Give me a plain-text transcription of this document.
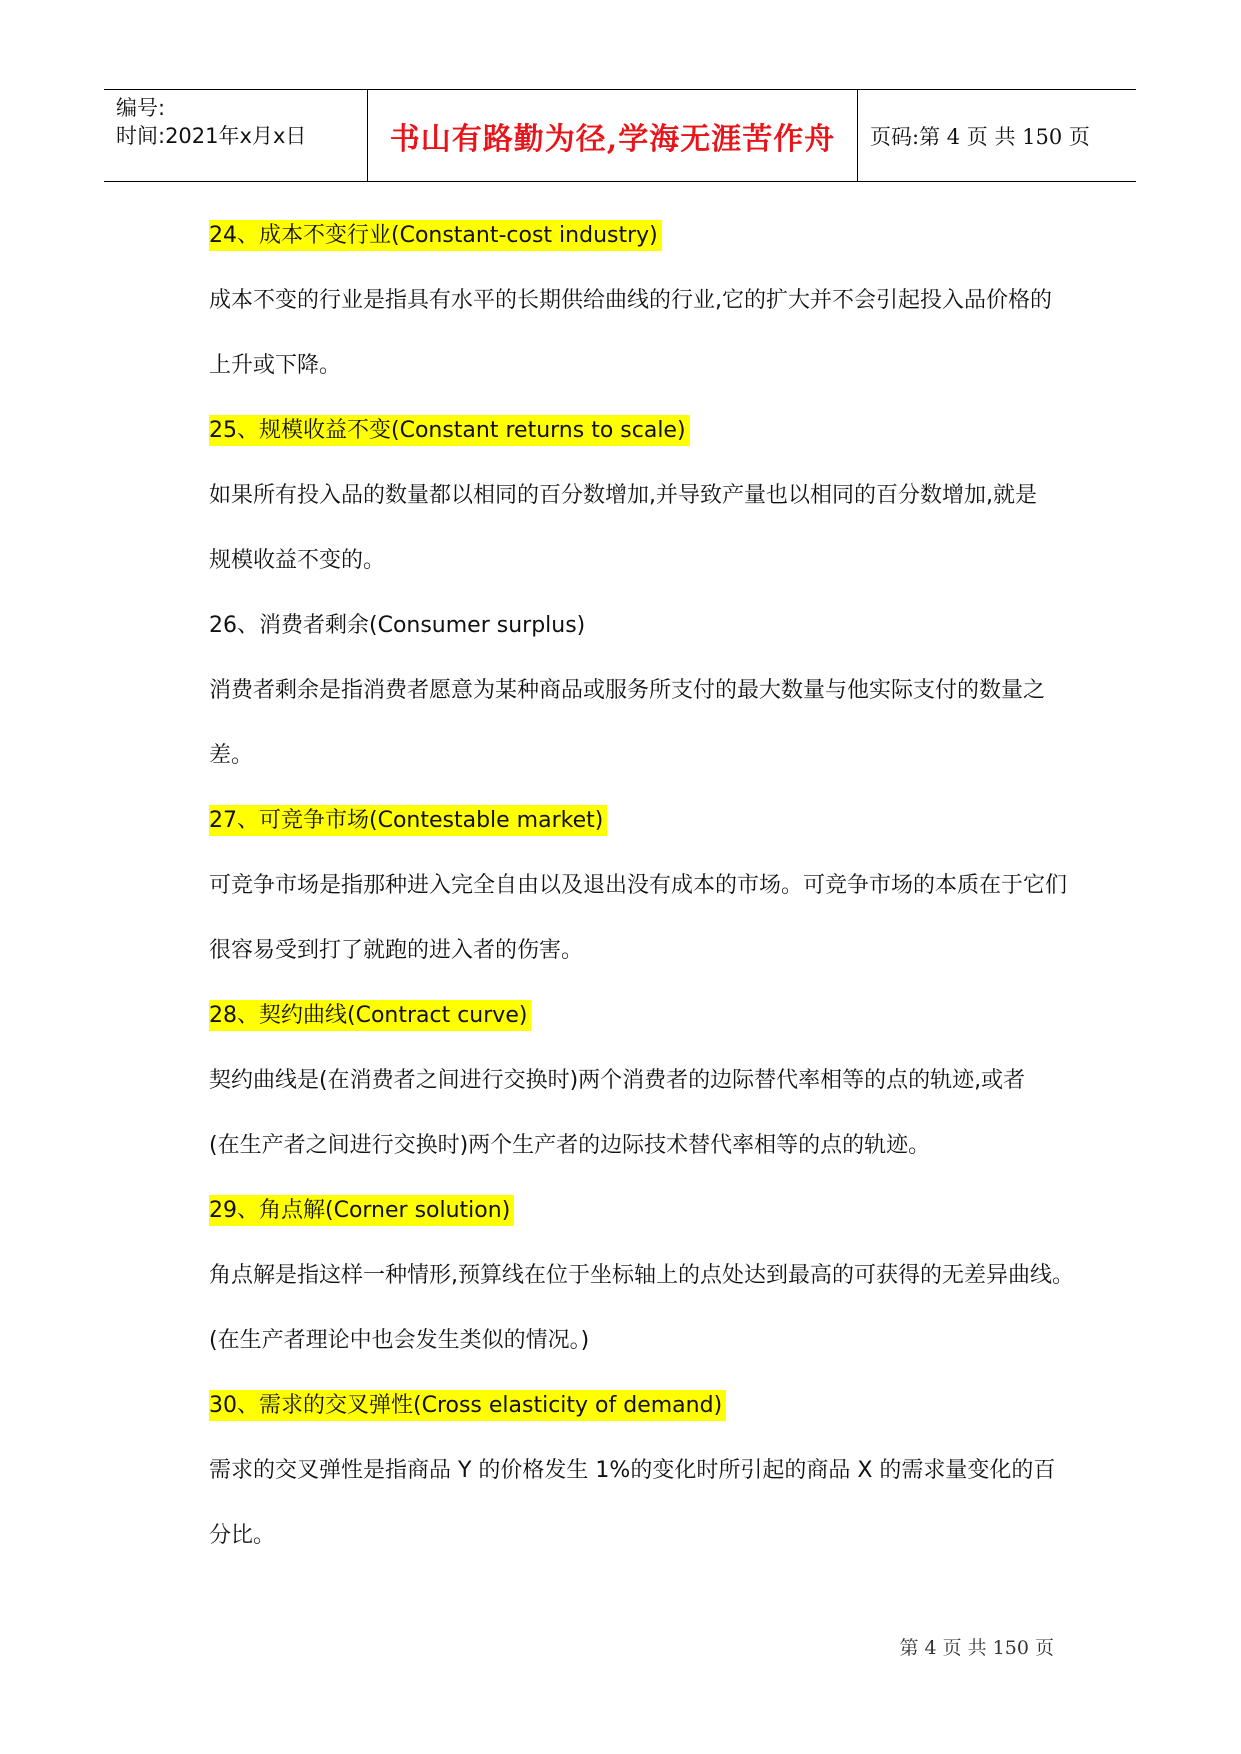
编号:
时间:2021年x月x日	书山有路勤为径,学海无涯苦作舟 页码:第 4 页 共 150 页
24、成本不变行业(Constant-cost industry)
成本不变的行业是指具有水平的长期供给曲线的行业,它的扩大并不会引起投入品价格的
上升或下降。
25、规模收益不变(Constant returns to scale)
如果所有投入品的数量都以相同的百分数增加,并导致产量也以相同的百分数增加,就是
规模收益不变的。
26、消费者剩余(Consumer surplus)
消费者剩余是指消费者愿意为某种商品或服务所支付的最大数量与他实际支付的数量之
差。
27、可竞争市场(Contestable market)
可竞争市场是指那种进入完全自由以及退出没有成本的市场。可竞争市场的本质在于它们
很容易受到打了就跑的进入者的伤害。
28、契约曲线(Contract curve)
契约曲线是(在消费者之间进行交换时)两个消费者的边际替代率相等的点的轨迹,或者
(在生产者之间进行交换时)两个生产者的边际技术替代率相等的点的轨迹。
29、角点解(Corner solution)
角点解是指这样一种情形,预算线在位于坐标轴上的点处达到最高的可获得的无差异曲线。
(在生产者理论中也会发生类似的情况。)
30、需求的交叉弹性(Cross elasticity of demand)
需求的交叉弹性是指商品 Y 的价格发生 1%的变化时所引起的商品 X 的需求量变化的百
分比。
第 4 页 共 150 页
